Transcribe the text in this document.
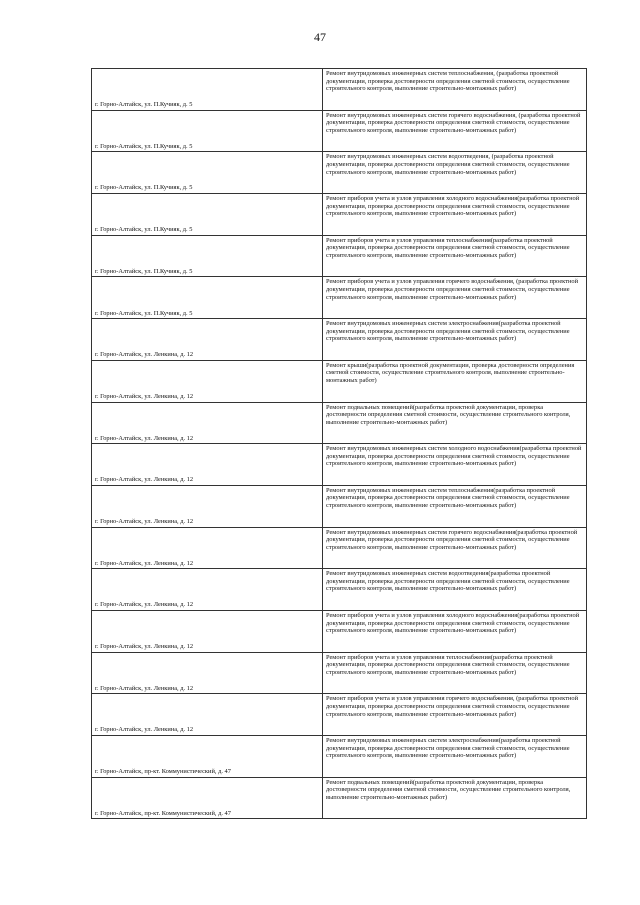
47
г. Горно-Алтайск, ул. П.Кучияк, д. 5	Ремонт внутридомовых инженерных систем теплоснабжения, (разработка проектной документации, проверка достоверности определения сметной стоимости, осуществление строительного контроля, выполнение строительно-монтажных работ)
г. Горно-Алтайск, ул. П.Кучияк, д. 5	Ремонт внутридомовых инженерных систем горячего водоснабжения, (разработка проектной документации, проверка достоверности определения сметной стоимости, осуществление строительного контроля, выполнение строительно-монтажных работ)
г. Горно-Алтайск, ул. П.Кучияк, д. 5	Ремонт внутридомовых инженерных систем водоотведения, (разработка проектной документации, проверка достоверности определения сметной стоимости, осуществление строительного контроля, выполнение строительно-монтажных работ)
г. Горно-Алтайск, ул. П.Кучияк, д. 5	Ремонт приборов учета и узлов управления холодного водоснабжения(разработка проектной документации, проверка достоверности определения сметной стоимости, осуществление строительного контроля, выполнение строительно-монтажных работ)
г. Горно-Алтайск, ул. П.Кучияк, д. 5	Ремонт приборов учета и узлов управления теплоснабжения(разработка проектной документации, проверка достоверности определения сметной стоимости, осуществление строительного контроля, выполнение строительно-монтажных работ)
г. Горно-Алтайск, ул. П.Кучияк, д. 5	Ремонт приборов учета и узлов управления горячего водоснабжения, (разработка проектной документации, проверка достоверности определения сметной стоимости, осуществление строительного контроля, выполнение строительно-монтажных работ)
г. Горно-Алтайск, ул. Ленкина, д. 12	Ремонт внутридомовых инженерных систем электроснабжения(разработка проектной документации, проверка достоверности определения сметной стоимости, осуществление строительного контроля, выполнение строительно-монтажных работ)
г. Горно-Алтайск, ул. Ленкина, д. 12	Ремонт крыши(разработка проектной документации, проверка достоверности определения сметной стоимости, осуществление строительного контроля, выполнение строительно-монтажных работ)
г. Горно-Алтайск, ул. Ленкина, д. 12	Ремонт подвальных помещений(разработка проектной документации, проверка достоверности определения сметной стоимости, осуществление строительного контроля, выполнение строительно-монтажных работ)
г. Горно-Алтайск, ул. Ленкина, д. 12	Ремонт внутридомовых инженерных систем холодного водоснабжения(разработка проектной документации, проверка достоверности определения сметной стоимости, осуществление строительного контроля, выполнение строительно-монтажных работ)
г. Горно-Алтайск, ул. Ленкина, д. 12	Ремонт внутридомовых инженерных систем теплоснабжения(разработка проектной документации, проверка достоверности определения сметной стоимости, осуществление строительного контроля, выполнение строительно-монтажных работ)
г. Горно-Алтайск, ул. Ленкина, д. 12	Ремонт внутридомовых инженерных систем горячего водоснабжения(разработка проектной документации, проверка достоверности определения сметной стоимости, осуществление строительного контроля, выполнение строительно-монтажных работ)
г. Горно-Алтайск, ул. Ленкина, д. 12	Ремонт внутридомовых инженерных систем водоотведения(разработка проектной документации, проверка достоверности определения сметной стоимости, осуществление строительного контроля, выполнение строительно-монтажных работ)
г. Горно-Алтайск, ул. Ленкина, д. 12	Ремонт приборов учета и узлов управления холодного водоснабжения(разработка проектной документации, проверка достоверности определения сметной стоимости, осуществление строительного контроля, выполнение строительно-монтажных работ)
г. Горно-Алтайск, ул. Ленкина, д. 12	Ремонт приборов учета и узлов управления теплоснабжения(разработка проектной документации, проверка достоверности определения сметной стоимости, осуществление строительного контроля, выполнение строительно-монтажных работ)
г. Горно-Алтайск, ул. Ленкина, д. 12	Ремонт приборов учета и узлов управления горячего водоснабжения, (разработка проектной документации, проверка достоверности определения сметной стоимости, осуществление строительного контроля, выполнение строительно-монтажных работ)
г. Горно-Алтайск, пр-кт. Коммунистический, д. 47	Ремонт внутридомовых инженерных систем электроснабжения(разработка проектной документации, проверка достоверности определения сметной стоимости, осуществление строительного контроля, выполнение строительно-монтажных работ)
г. Горно-Алтайск, пр-кт. Коммунистический, д. 47	Ремонт подвальных помещений(разработка проектной документации, проверка достоверности определения сметной стоимости, осуществление строительного контроля, выполнение строительно-монтажных работ)
